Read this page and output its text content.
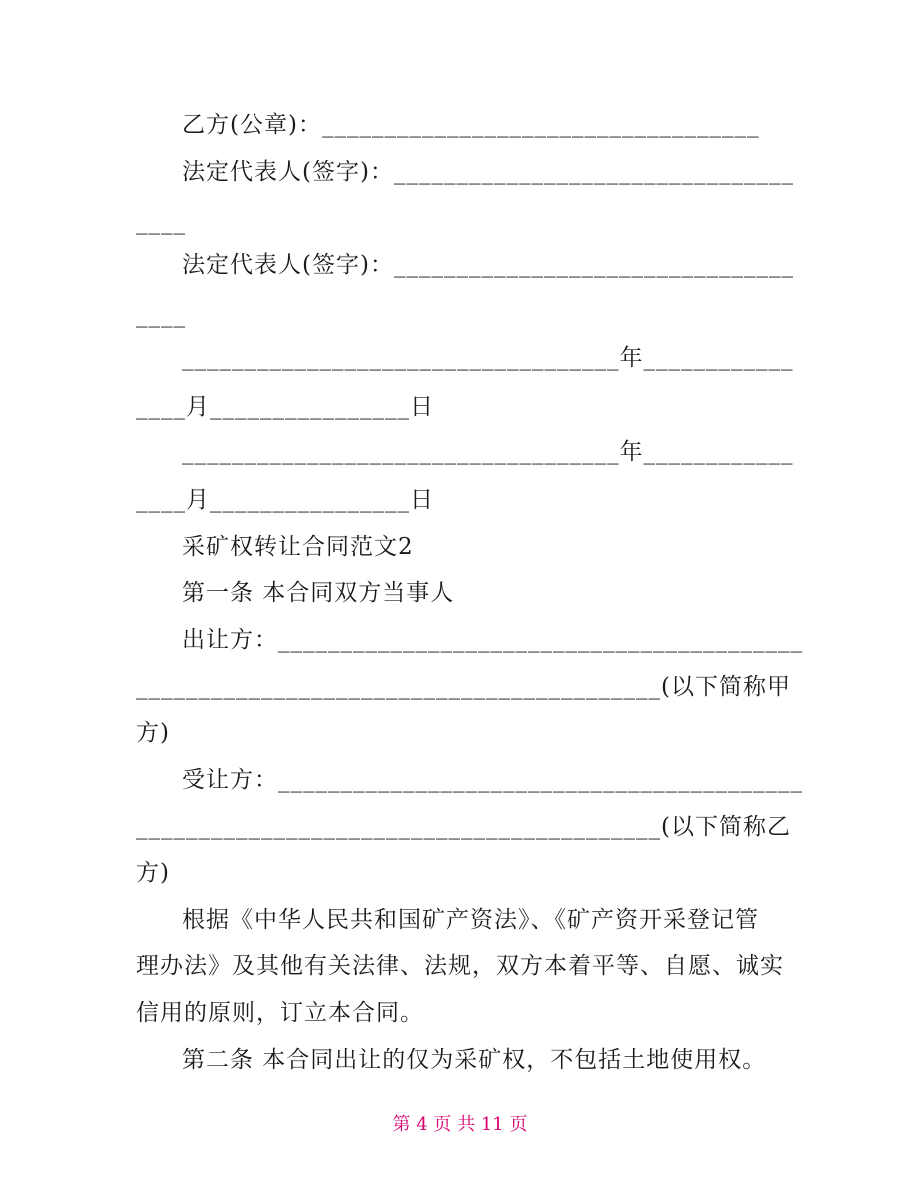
乙方(公章)：___________________________________
法定代表人(签字)：________________________________
____
法定代表人(签字)：________________________________
____
___________________________________年____________
____月________________日
___________________________________年____________
____月________________日
采矿权转让合同范文2
第一条 本合同双方当事人
出让方：__________________________________________
__________________________________________(以下简称甲
方)
受让方：__________________________________________
__________________________________________(以下简称乙
方)
根据《中华人民共和国矿产资法》、《矿产资开采登记管
理办法》及其他有关法律、法规，双方本着平等、自愿、诚实
信用的原则，订立本合同。
第二条 本合同出让的仅为采矿权，不包括土地使用权。
第 4 页 共 11 页
